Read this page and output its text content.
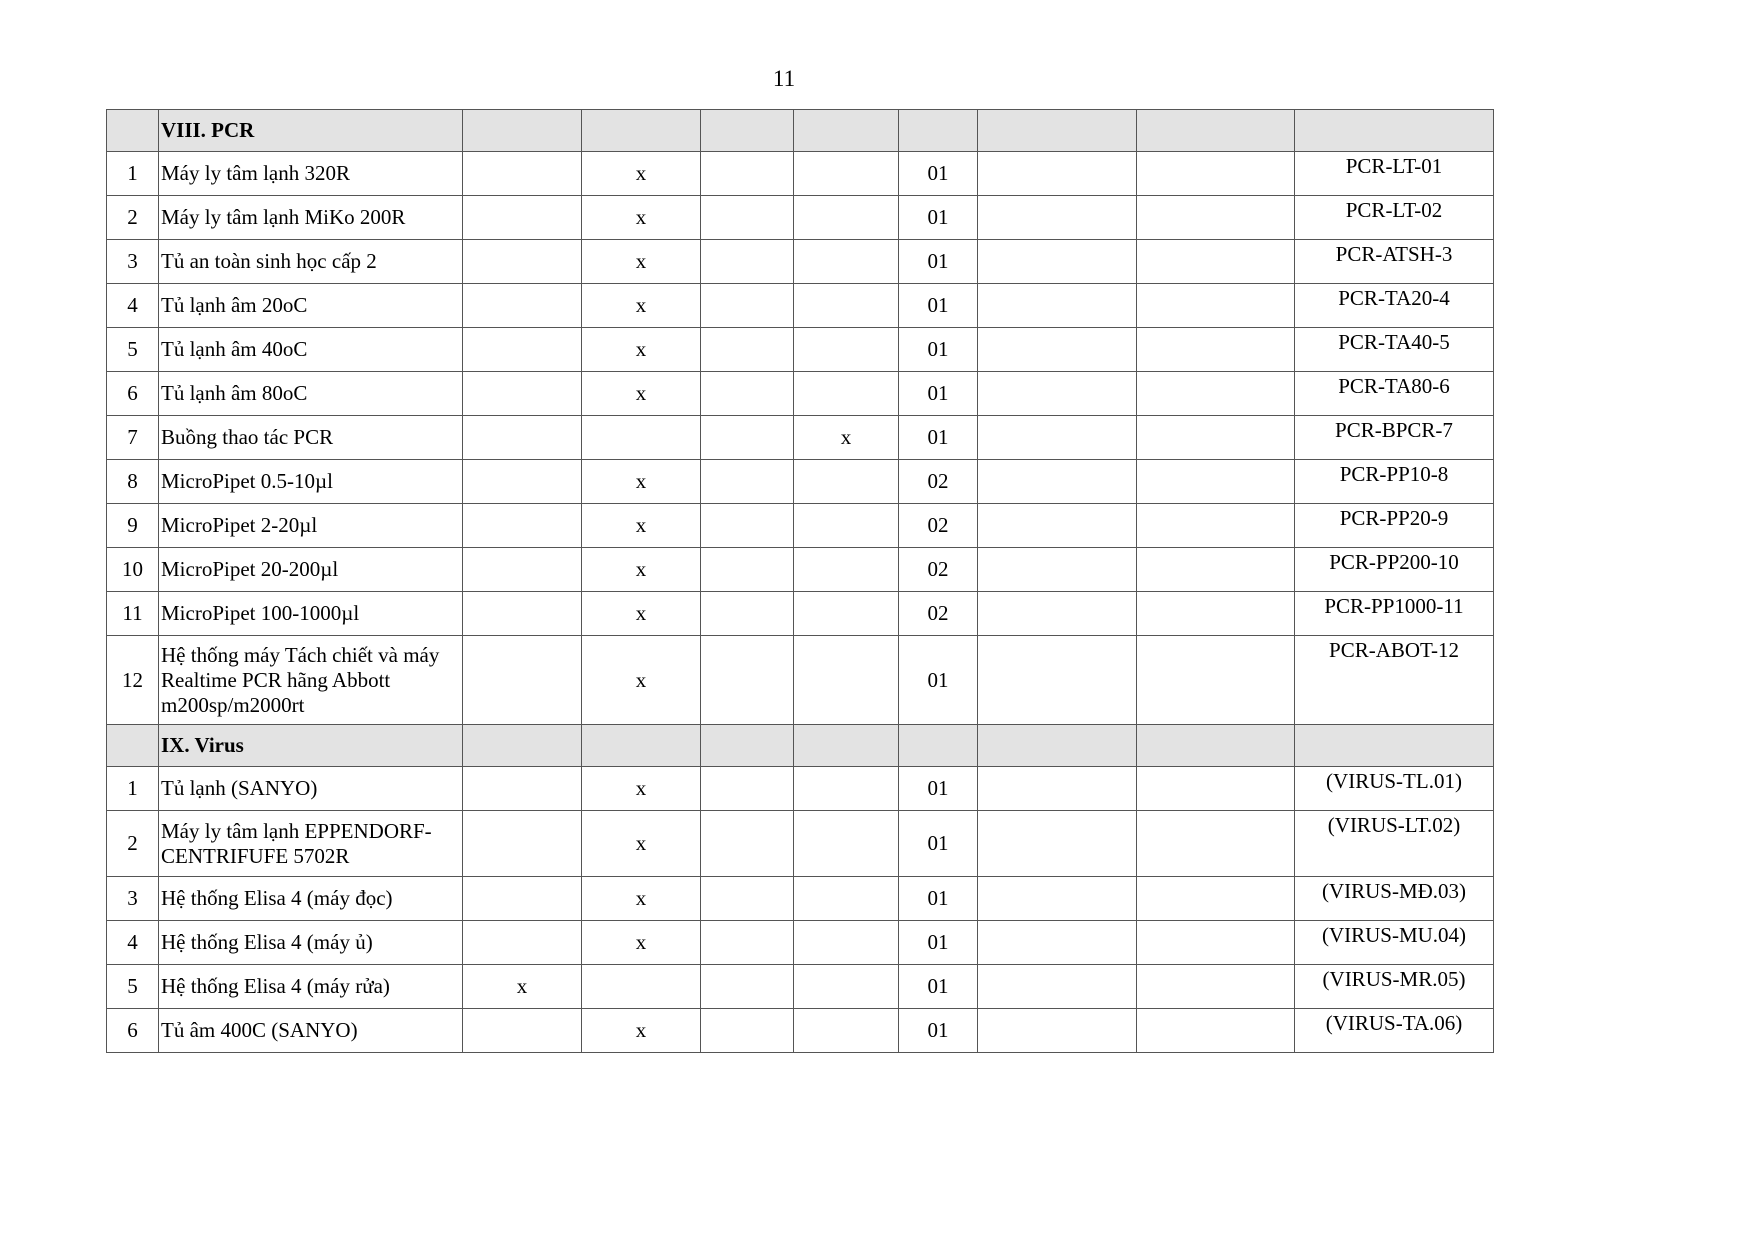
11
	VIII. PCR								
1	Máy ly tâm lạnh 320R		x			01			PCR-LT-01
2	Máy ly tâm lạnh MiKo 200R		x			01			PCR-LT-02
3	Tủ an toàn sinh học cấp 2		x			01			PCR-ATSH-3
4	Tủ lạnh âm 20oC		x			01			PCR-TA20-4
5	Tủ lạnh âm 40oC		x			01			PCR-TA40-5
6	Tủ lạnh âm 80oC		x			01			PCR-TA80-6
7	Buồng thao tác PCR				x	01			PCR-BPCR-7
8	MicroPipet 0.5-10µl		x			02			PCR-PP10-8
9	MicroPipet 2-20µl		x			02			PCR-PP20-9
10	MicroPipet 20-200µl		x			02			PCR-PP200-10
11	MicroPipet 100-1000µl		x			02			PCR-PP1000-11
12	Hệ thống máy Tách chiết và máy Realtime PCR hãng Abbott m200sp/m2000rt		x			01			PCR-ABOT-12
	IX. Virus								
1	Tủ lạnh (SANYO)		x			01			(VIRUS-TL.01)
2	Máy ly tâm lạnh EPPENDORF-CENTRIFUFE 5702R		x			01			(VIRUS-LT.02)
3	Hệ thống Elisa 4 (máy đọc)		x			01			(VIRUS-MĐ.03)
4	Hệ thống Elisa 4 (máy ủ)		x			01			(VIRUS-MU.04)
5	Hệ thống Elisa 4 (máy rửa)	x				01			(VIRUS-MR.05)
6	Tủ âm 400C (SANYO)		x			01			(VIRUS-TA.06)
